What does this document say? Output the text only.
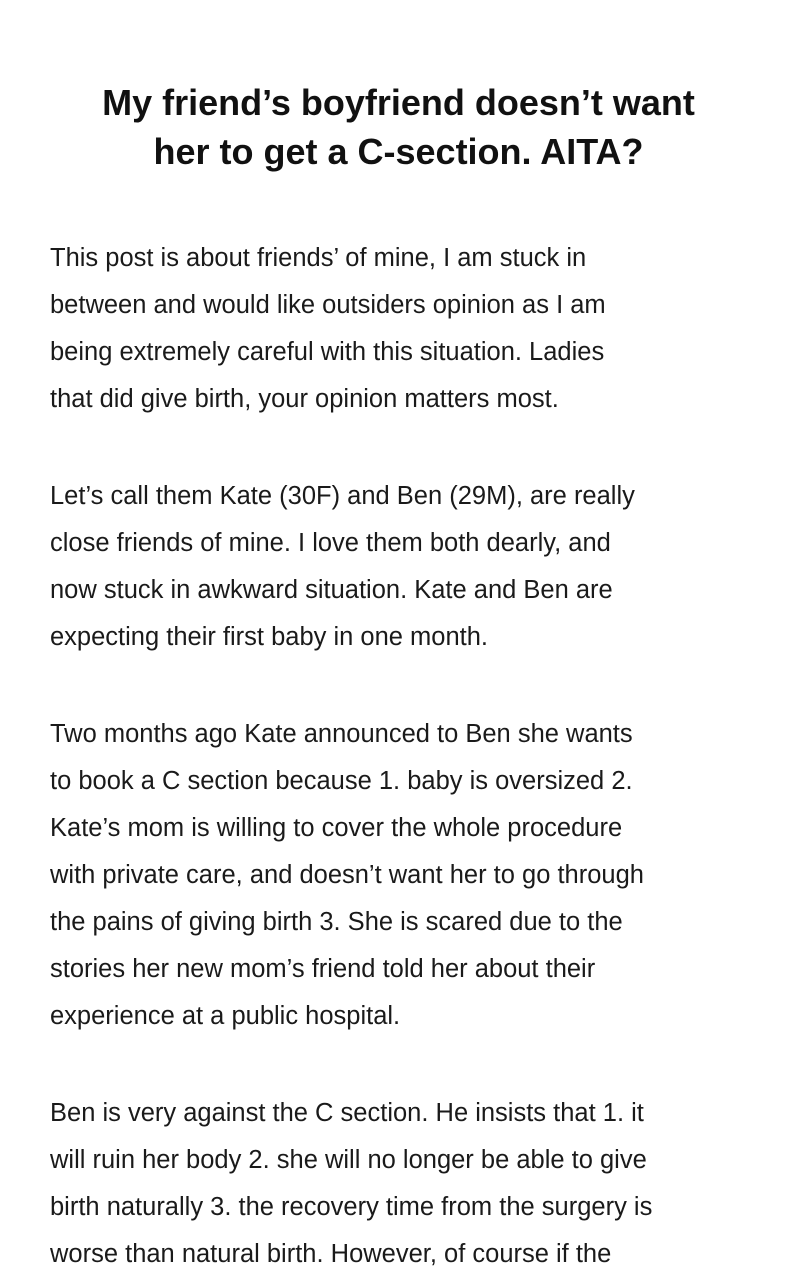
My friend’s boyfriend doesn’t want
her to get a C-section. AITA?

This post is about friends’ of mine, I am stuck in
between and would like outsiders opinion as I am
being extremely careful with this situation. Ladies
that did give birth, your opinion matters most.

Let’s call them Kate (30F) and Ben (29M), are really
close friends of mine. I love them both dearly, and
now stuck in awkward situation. Kate and Ben are
expecting their first baby in one month.

Two months ago Kate announced to Ben she wants
to book a C section because 1. baby is oversized 2.
Kate’s mom is willing to cover the whole procedure
with private care, and doesn’t want her to go through
the pains of giving birth 3. She is scared due to the
stories her new mom’s friend told her about their
experience at a public hospital.

Ben is very against the C section. He insists that 1. it
will ruin her body 2. she will no longer be able to give
birth naturally 3. the recovery time from the surgery is
worse than natural birth. However, of course if the
